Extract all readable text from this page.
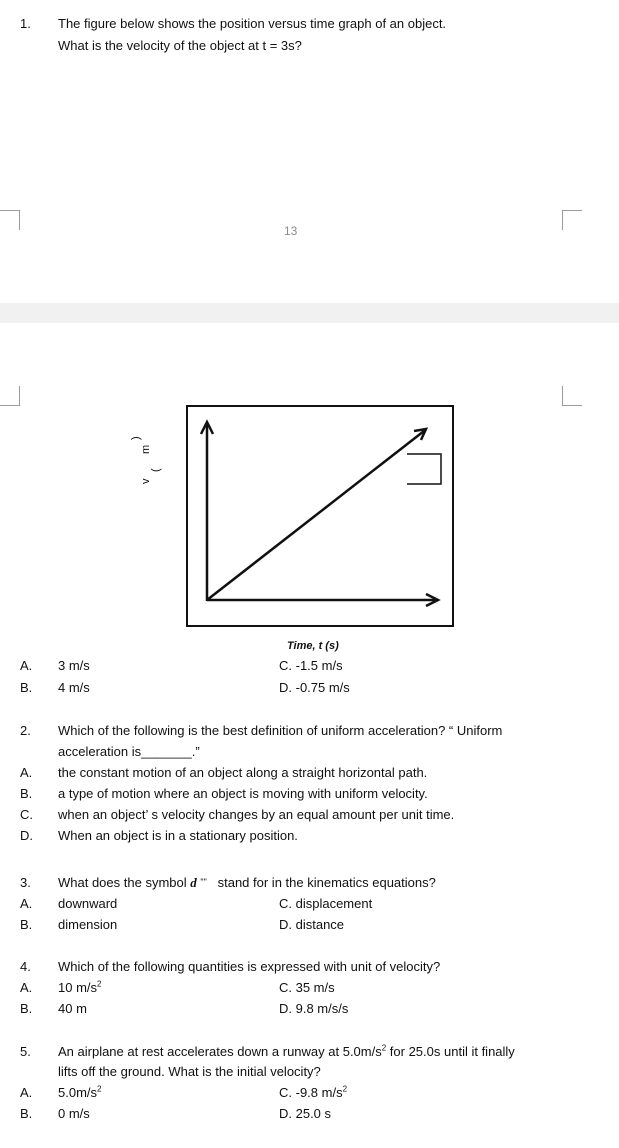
1. The figure below shows the position versus time graph of an object.
What is the velocity of the object at t = 3s?
13
v
(
m
)
Time, t (s)
A. 3 m/s	C. -1.5 m/s
B. 4 m/s	D. -0.75 m/s
2. Which of the following is the best definition of uniform acceleration? “ Uniform
acceleration is_______.”
A. the constant motion of an object along a straight horizontal path.
B. a type of motion where an object is moving with uniform velocity.
C. when an object’ s velocity changes by an equal amount per unit time.
D. When an object is in a stationary position.
3. What does the symbol d "" stand for in the kinematics equations?
A. downward	C. displacement
B. dimension	D. distance
4. Which of the following quantities is expressed with unit of velocity?
A. 10 $m/s^2$	C. 35 m/s
B. 40 m	D. 9.8 m/s/s
5. An airplane at rest accelerates down a runway at $5.0m/s^2$ for 25.0s until it finally
lifts off the ground. What is the initial velocity?
A. $5.0m/s^2$	C. -9.8 $m/s^2$
B. 0 m/s	D. 25.0 s
